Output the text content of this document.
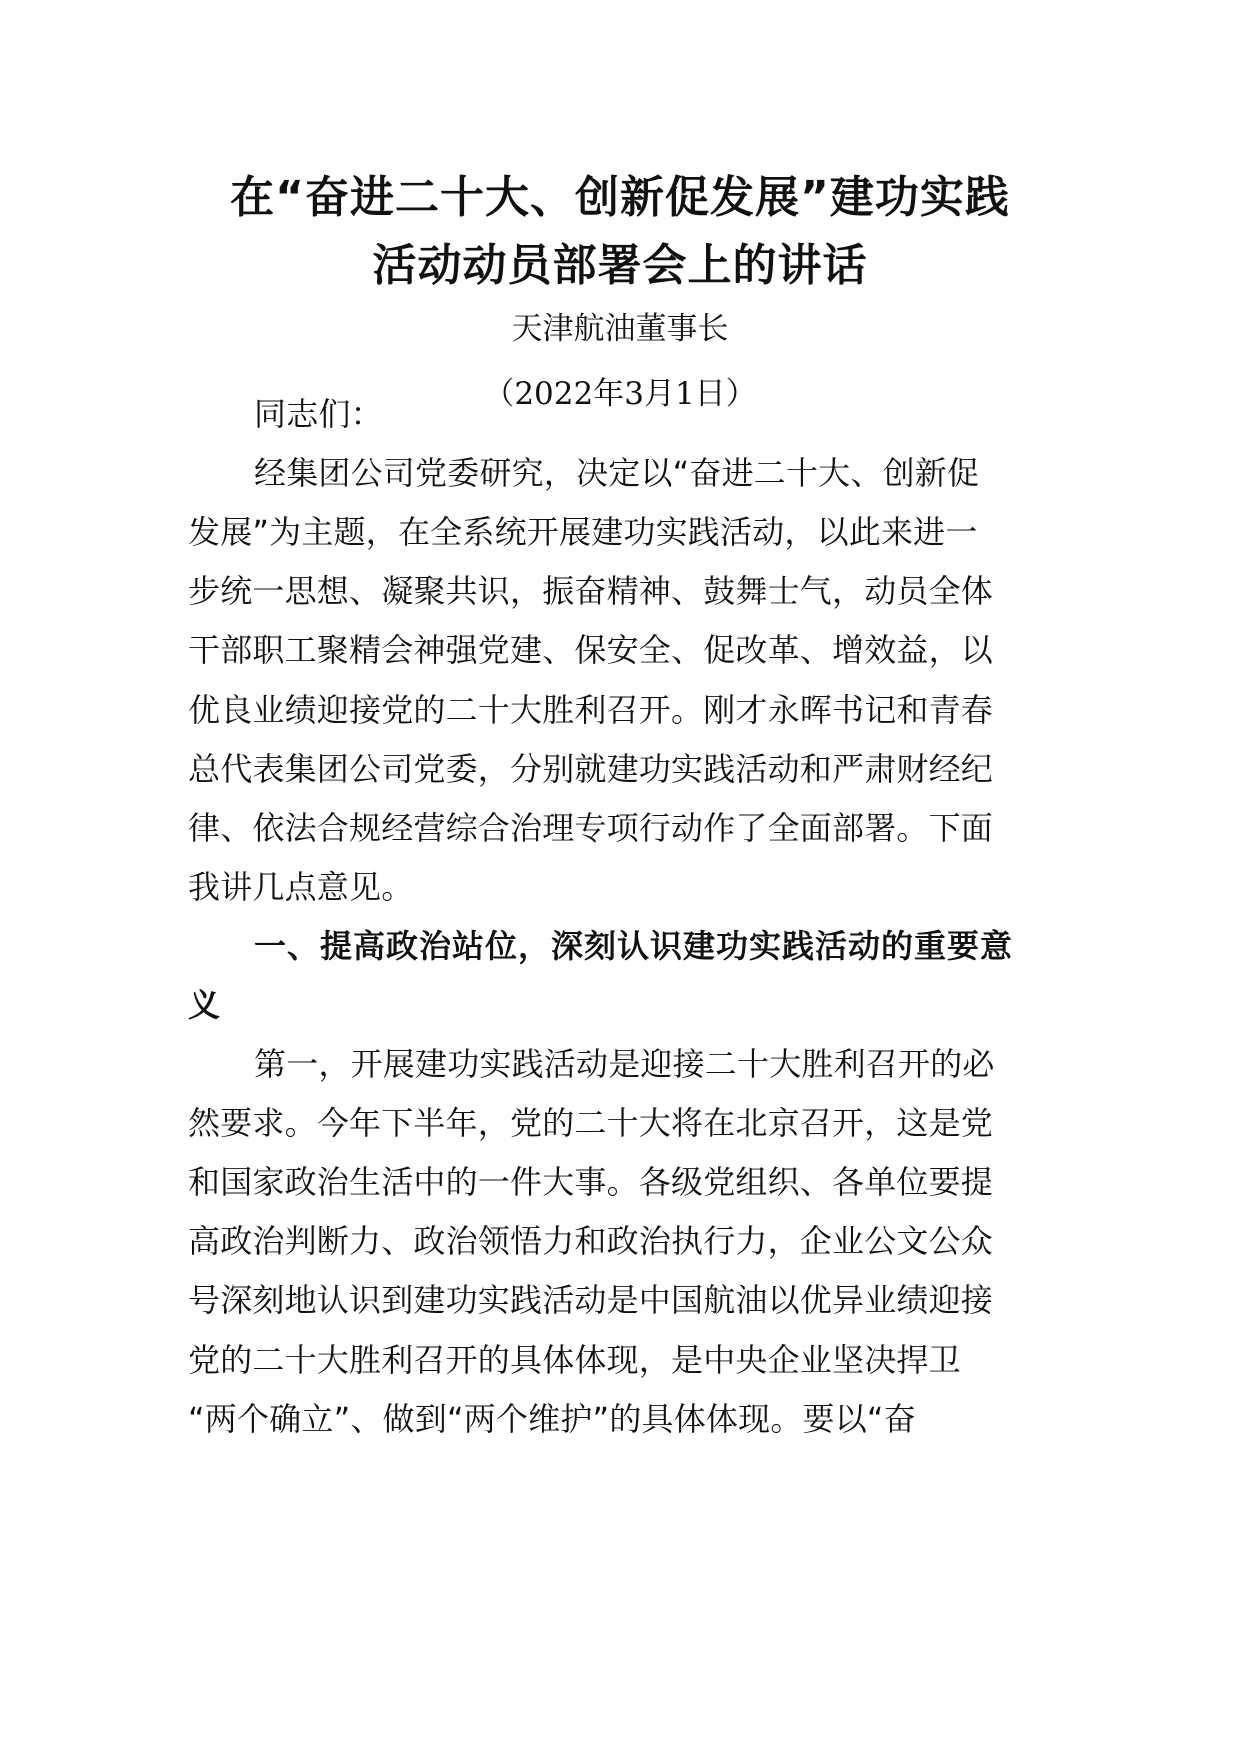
在“奋进二十大、创新促发展”建功实践
活动动员部署会上的讲话
天津航油董事长
（2022年3月1日）
同志们：
经集团公司党委研究，决定以“奋进二十大、创新促
发展”为主题，在全系统开展建功实践活动，以此来进一
步统一思想、凝聚共识，振奋精神、鼓舞士气，动员全体
干部职工聚精会神强党建、保安全、促改革、增效益，以
优良业绩迎接党的二十大胜利召开。刚才永晖书记和青春
总代表集团公司党委，分别就建功实践活动和严肃财经纪
律、依法合规经营综合治理专项行动作了全面部署。下面
我讲几点意见。
一、提高政治站位，深刻认识建功实践活动的重要意
义
第一，开展建功实践活动是迎接二十大胜利召开的必
然要求。今年下半年，党的二十大将在北京召开，这是党
和国家政治生活中的一件大事。各级党组织、各单位要提
高政治判断力、政治领悟力和政治执行力，企业公文公众
号深刻地认识到建功实践活动是中国航油以优异业绩迎接
党的二十大胜利召开的具体体现，是中央企业坚决捍卫
“两个确立”、做到“两个维护”的具体体现。要以“奋
